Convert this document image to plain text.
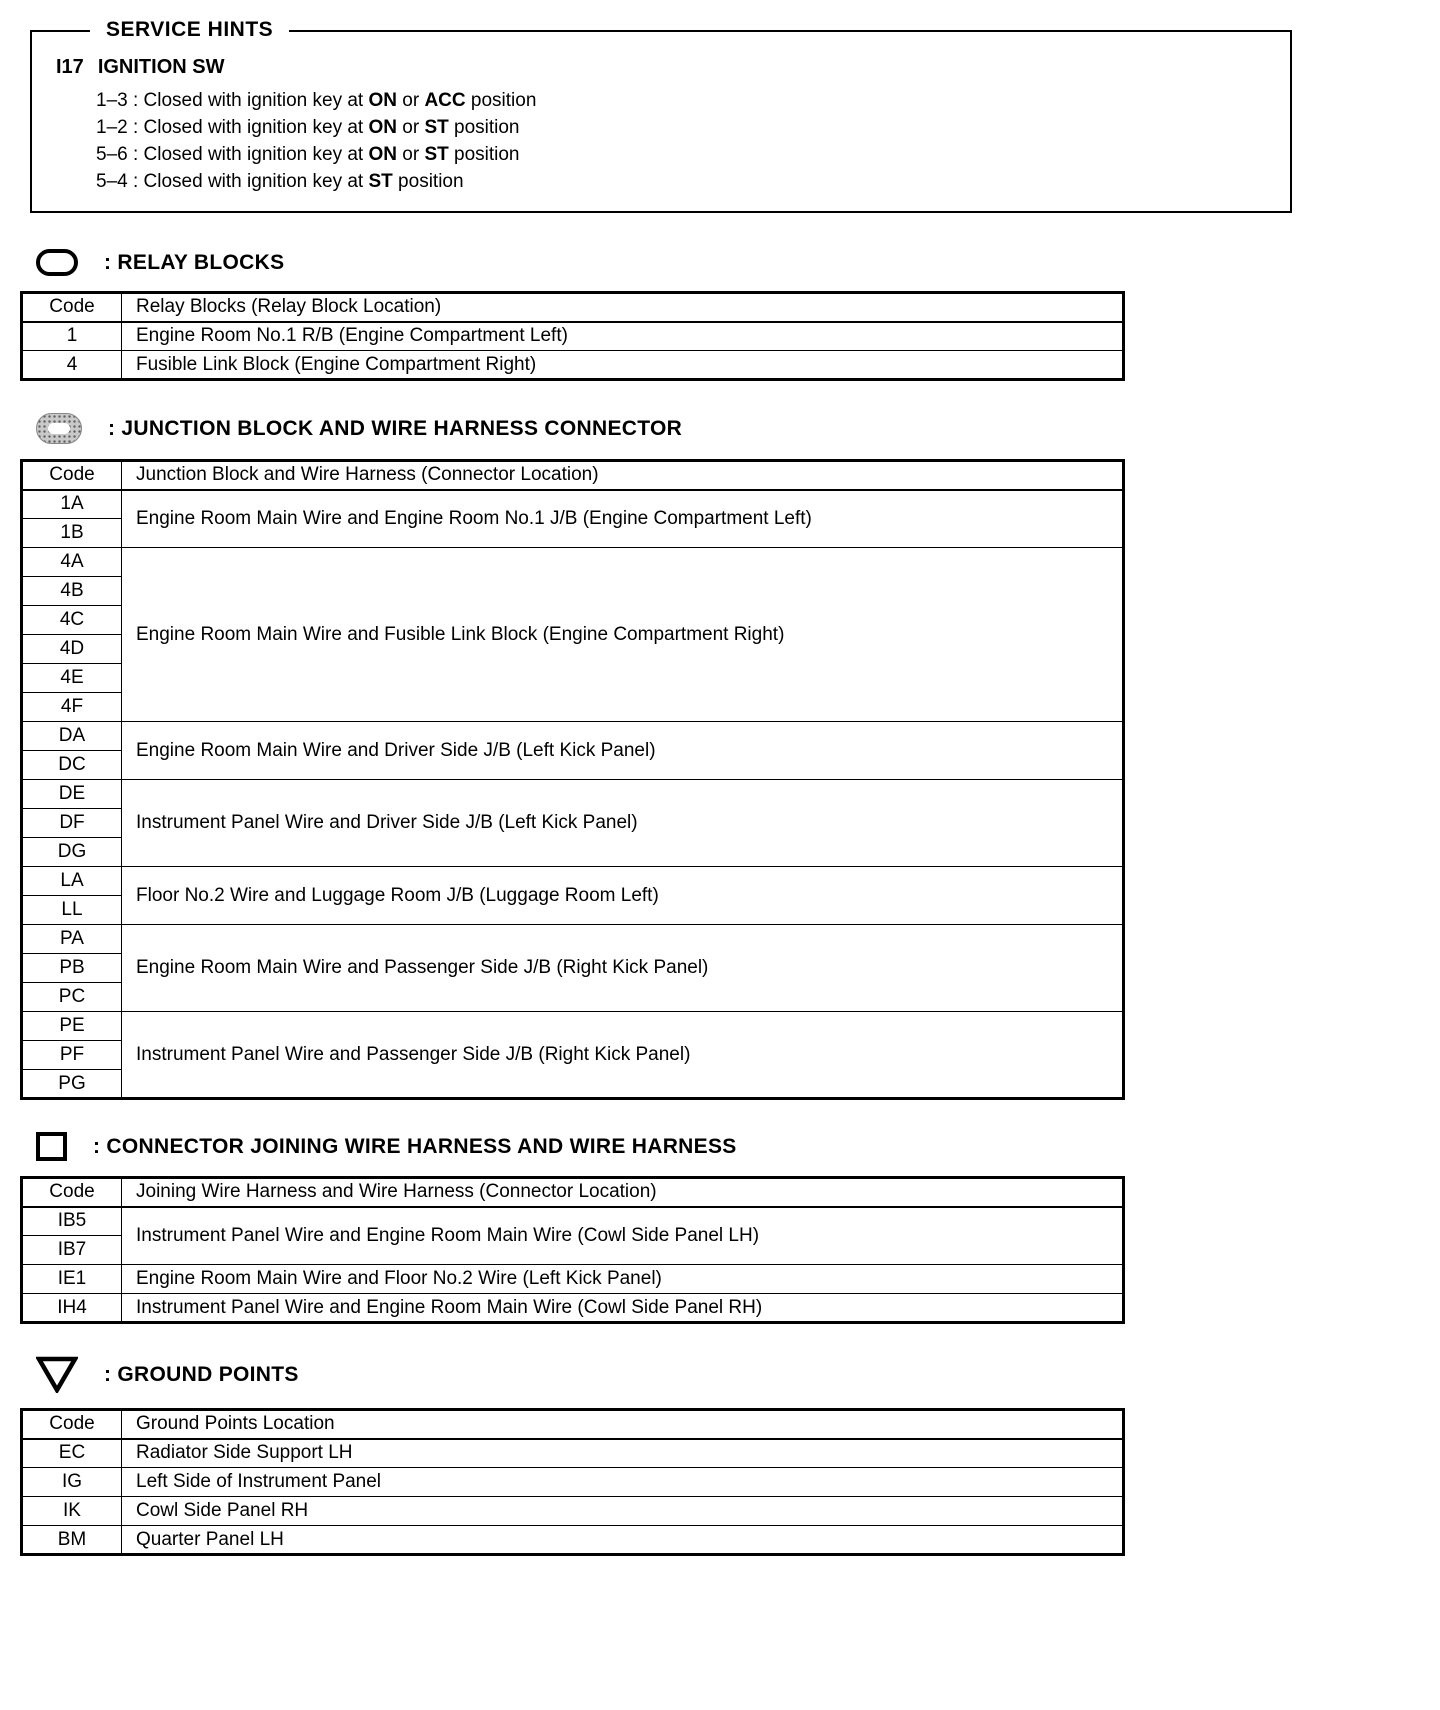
SERVICE HINTS
I17 IGNITION SW
1–3 : Closed with ignition key at ON or ACC position
1–2 : Closed with ignition key at ON or ST position
5–6 : Closed with ignition key at ON or ST position
5–4 : Closed with ignition key at ST position
: RELAY BLOCKS
Code	Relay Blocks (Relay Block Location)
1	Engine Room No.1 R/B (Engine Compartment Left)
4	Fusible Link Block (Engine Compartment Right)
: JUNCTION BLOCK AND WIRE HARNESS CONNECTOR
Code	Junction Block and Wire Harness (Connector Location)
1A	Engine Room Main Wire and Engine Room No.1 J/B (Engine Compartment Left)
1B	
4A	Engine Room Main Wire and Fusible Link Block (Engine Compartment Right)
4B	
4C	
4D	
4E	
4F	
DA	Engine Room Main Wire and Driver Side J/B (Left Kick Panel)
DC	
DE	Instrument Panel Wire and Driver Side J/B (Left Kick Panel)
DF	
DG	
LA	Floor No.2 Wire and Luggage Room J/B (Luggage Room Left)
LL	
PA	Engine Room Main Wire and Passenger Side J/B (Right Kick Panel)
PB	
PC	
PE	Instrument Panel Wire and Passenger Side J/B (Right Kick Panel)
PF	
PG	
: CONNECTOR JOINING WIRE HARNESS AND WIRE HARNESS
Code	Joining Wire Harness and Wire Harness (Connector Location)
IB5	Instrument Panel Wire and Engine Room Main Wire (Cowl Side Panel LH)
IB7	
IE1	Engine Room Main Wire and Floor No.2 Wire (Left Kick Panel)
IH4	Instrument Panel Wire and Engine Room Main Wire (Cowl Side Panel RH)
: GROUND POINTS
Code	Ground Points Location
EC	Radiator Side Support LH
IG	Left Side of Instrument Panel
IK	Cowl Side Panel RH
BM	Quarter Panel LH
